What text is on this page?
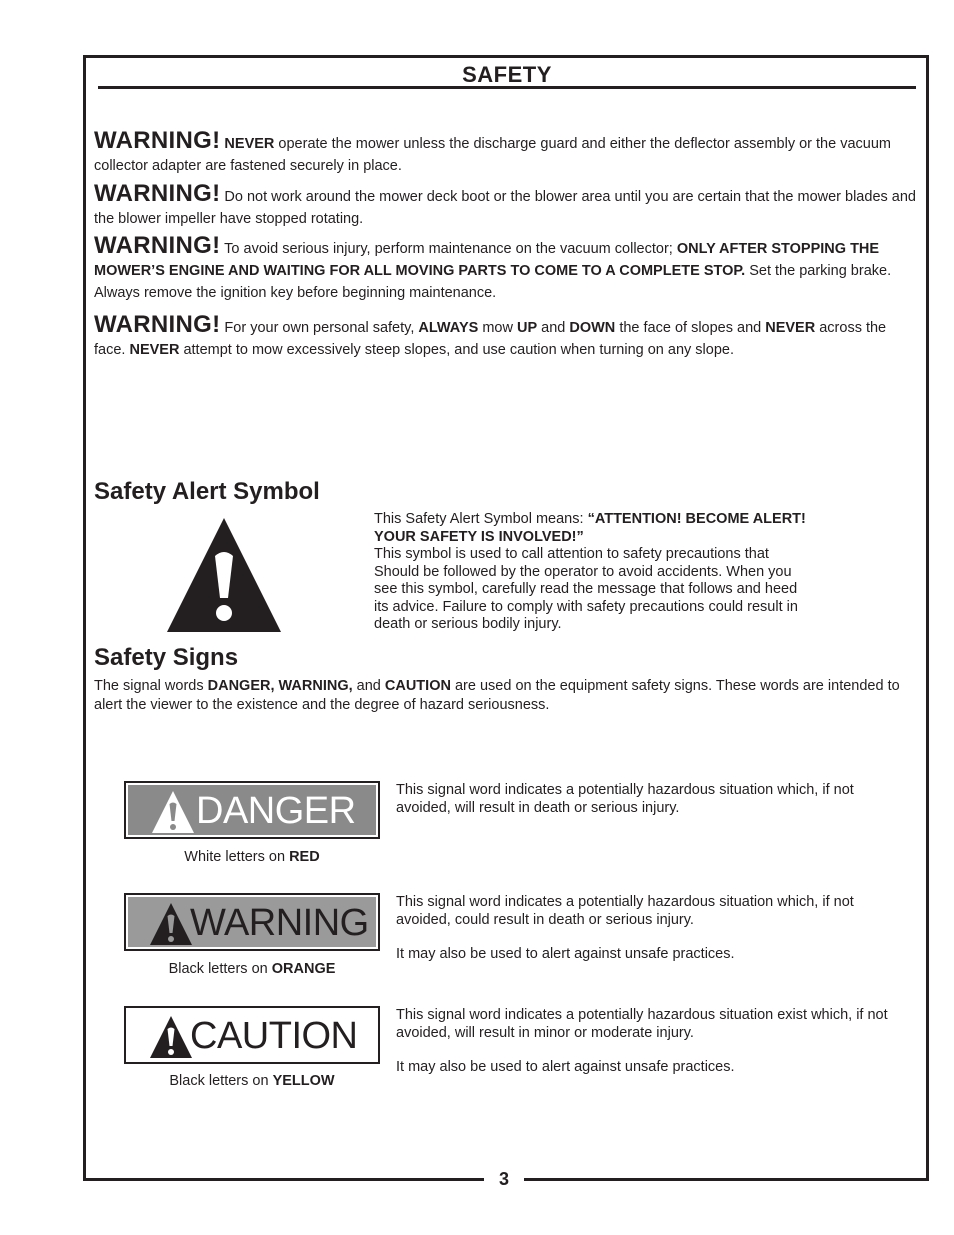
SAFETY
WARNING! NEVER operate the mower unless the discharge guard and either the deflector assembly or the vacuum collector adapter are fastened securely in place.
WARNING! Do not work around the mower deck boot or the blower area until you are certain that the mower blades and the blower impeller have stopped rotating.
WARNING! To avoid serious injury, perform maintenance on the vacuum collector; ONLY AFTER STOPPING THE MOWER’S ENGINE AND WAITING FOR ALL MOVING PARTS TO COME TO A COMPLETE STOP. Set the parking brake. Always remove the ignition key before beginning maintenance.
WARNING! For your own personal safety, ALWAYS mow UP and DOWN the face of slopes and NEVER across the face. NEVER attempt to mow excessively steep slopes, and use caution when turning on any slope.
Safety Alert Symbol
This Safety Alert Symbol means: “ATTENTION! BECOME ALERT! YOUR SAFETY IS INVOLVED!”
This symbol is used to call attention to safety precautions that Should be followed by the operator to avoid accidents. When you see this symbol, carefully read the message that follows and heed its advice. Failure to comply with safety precautions could result in death or serious bodily injury.
Safety Signs
The signal words DANGER, WARNING, and CAUTION are used on the equipment safety signs. These words are intended to alert the viewer to the existence and the degree of hazard seriousness.
DANGER
White letters on RED

This signal word indicates a potentially hazardous situation which, if not avoided, will result in death or serious injury.

WARNING
Black letters on ORANGE

This signal word indicates a potentially hazardous situation which, if not avoided, could result in death or serious injury.

It may also be used to alert against unsafe practices.

CAUTION
Black letters on YELLOW

This signal word indicates a potentially hazardous situation exist which, if not avoided, will result in minor or moderate injury.

It may also be used to alert against unsafe practices.

3
